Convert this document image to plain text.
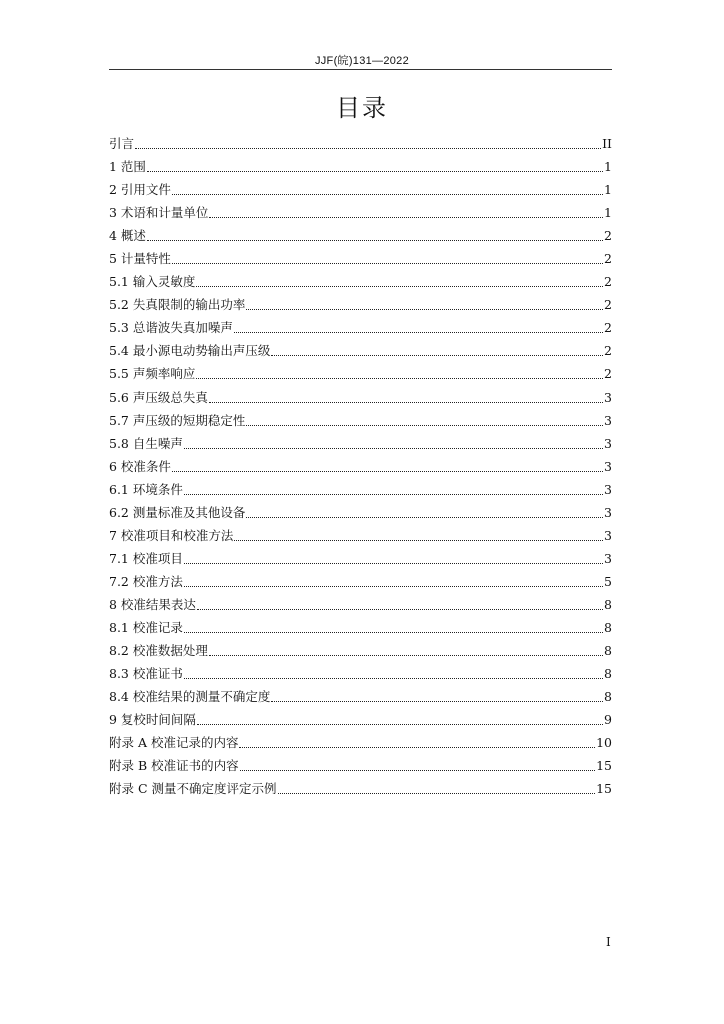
JJF(皖)131—2022
目录
引言	II
1 范围	1
2 引用文件	1
3 术语和计量单位	1
4 概述	2
5 计量特性	2
5.1 输入灵敏度	2
5.2 失真限制的输出功率	2
5.3 总谐波失真加噪声	2
5.4 最小源电动势输出声压级	2
5.5 声频率响应	2
5.6 声压级总失真	3
5.7 声压级的短期稳定性	3
5.8 自生噪声	3
6 校准条件	3
6.1 环境条件	3
6.2 测量标准及其他设备	3
7 校准项目和校准方法	3
7.1 校准项目	3
7.2 校准方法	5
8 校准结果表达	8
8.1 校准记录	8
8.2 校准数据处理	8
8.3 校准证书	8
8.4 校准结果的测量不确定度	8
9 复校时间间隔	9
附录 A 校准记录的内容	10
附录 B 校准证书的内容	15
附录 C 测量不确定度评定示例	15
I
